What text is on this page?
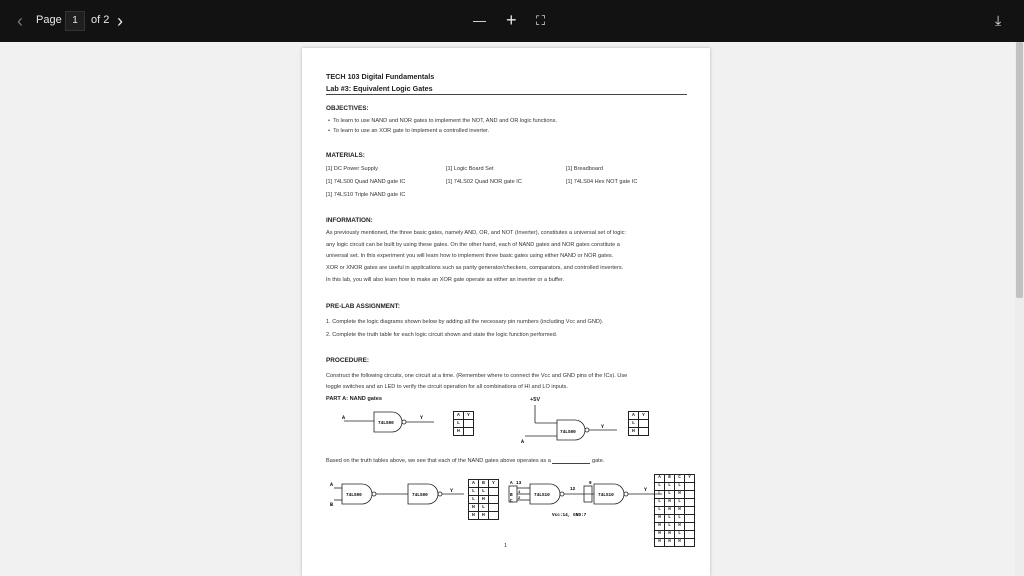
‹ Page	1	of 2 ›	— + ⛶	⤓
TECH 103 Digital Fundamentals
Lab #3: Equivalent Logic Gates
OBJECTIVES:
•  To learn to use NAND and NOR gates to implement the NOT, AND and OR logic functions.
•  To learn to use an XOR gate to implement a controlled inverter.
MATERIALS:
[1] DC Power Supply	[1] Logic Board Set	[1] Breadboard
[1] 74LS00 Quad NAND gate IC	[1] 74LS02 Quad NOR gate IC	[1] 74LS04 Hex NOT gate IC
[1] 74LS10 Triple NAND gate IC
INFORMATION:
As previously mentioned, the three basic gates, namely AND, OR, and NOT (Inverter), constitutes a universal set of logic:
any logic circuit can be built by using these gates. On the other hand, each of NAND gates and NOR gates constitute a
universal set. In this experiment you will learn how to implement three basic gates using either NAND or NOR gates.
XOR or XNOR gates are useful in applications such as parity generator/checkers, comparators, and controlled inverters.
In this lab, you will also learn how to make an XOR gate operate as either an inverter or a buffer.
PRE-LAB ASSIGNMENT:
1. Complete the logic diagrams shown below by adding all the necessary pin numbers (including Vcc and GND).
2. Complete the truth table for each logic circuit shown and state the logic function performed.
PROCEDURE:
Construct the following circuits, one circuit at a time. (Remember where to connect the Vcc and GND pins of the ICs). Use
toggle switches and an LED to verify the circuit operation for all combinations of HI and LO inputs.
PART A: NAND gates	+5V
A	Y
74LS00
A	Y
L	
H	
A
Y
74LS00
A	Y
L	
H	
Based on the truth tables above, we see that each of the NAND gates above operates as a	gate.
A
B
Y
74LS00	74LS00
A	B	Y
L	L	
L	H	
H	L	
H	H	
A 13
B
C
1
2
12
9
Y
74LS10	74LS10
Vcc:14, GND:7
A	B	C	Y
L	L	L	
L	L	H	
L	H	L	
L	H	H	
H	L	L	
H	L	H	
H	H	L	
H	H	H	
1
